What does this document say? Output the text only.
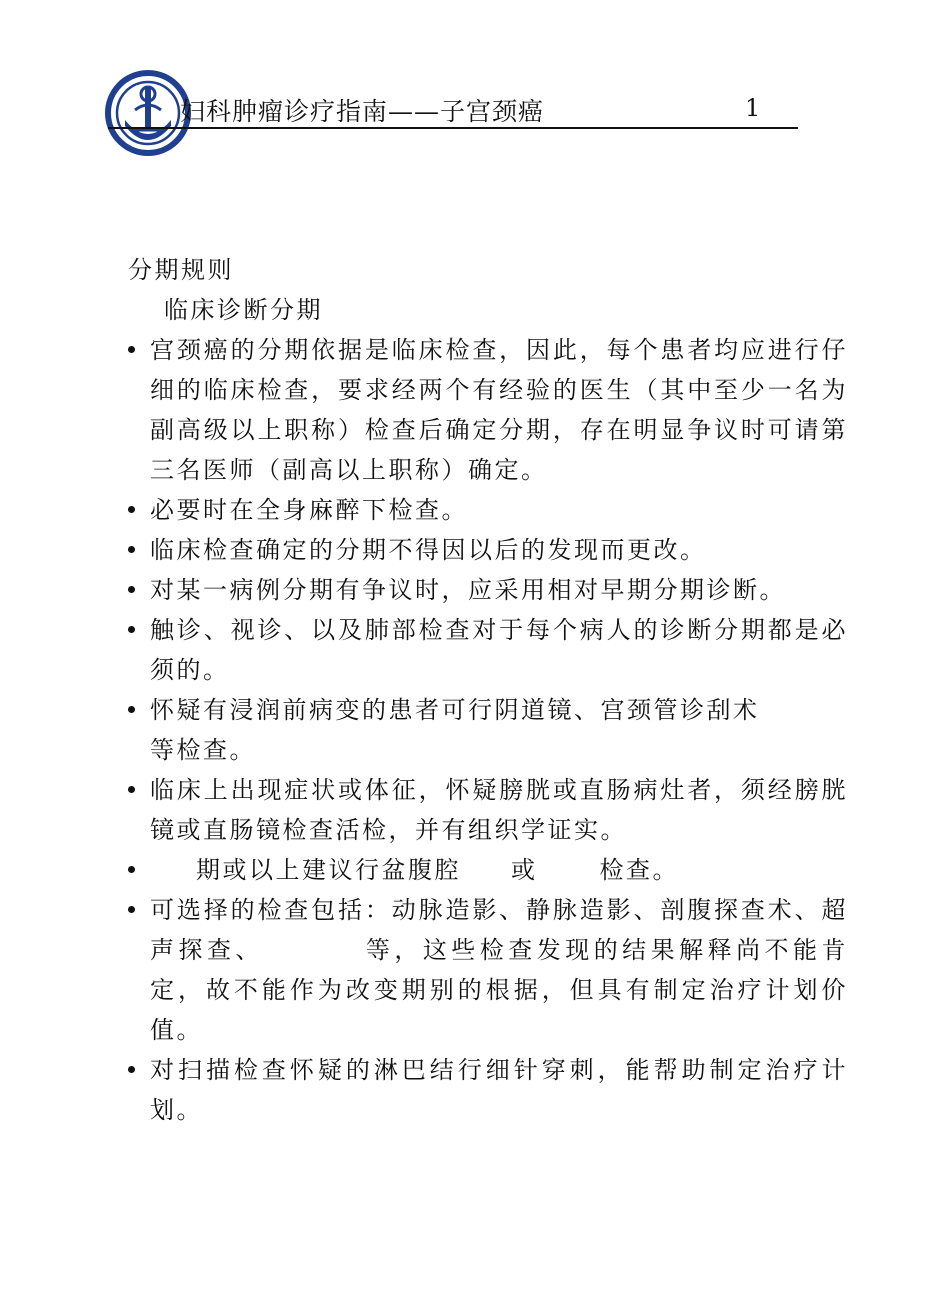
妇科肿瘤诊疗指南——子宫颈癌	1

分期规则

临床诊断分期

宫颈癌的分期依据是临床检查，因此，每个患者均应进行仔细的临床检查，要求经两个有经验的医生（其中至少一名为副高级以上职称）检查后确定分期，存在明显争议时可请第三名医师（副高以上职称）确定。
必要时在全身麻醉下检查。
临床检查确定的分期不得因以后的发现而更改。
对某一病例分期有争议时，应采用相对早期分期诊断。
触诊、视诊、以及肺部检查对于每个病人的诊断分期都是必须的。
怀疑有浸润前病变的患者可行阴道镜、宫颈管诊刮术
等检查。
临床上出现症状或体征，怀疑膀胱或直肠病灶者，须经膀胱镜或直肠镜检查活检，并有组织学证实。
期或以上建议行盆腹腔 或	检查。
可选择的检查包括：动脉造影、静脉造影、剖腹探查术、超声探查、	等，这些检查发现的结果解释尚不能肯定，故不能作为改变期别的根据，但具有制定治疗计划价值。
对扫描检查怀疑的淋巴结行细针穿刺，能帮助制定治疗计划。
